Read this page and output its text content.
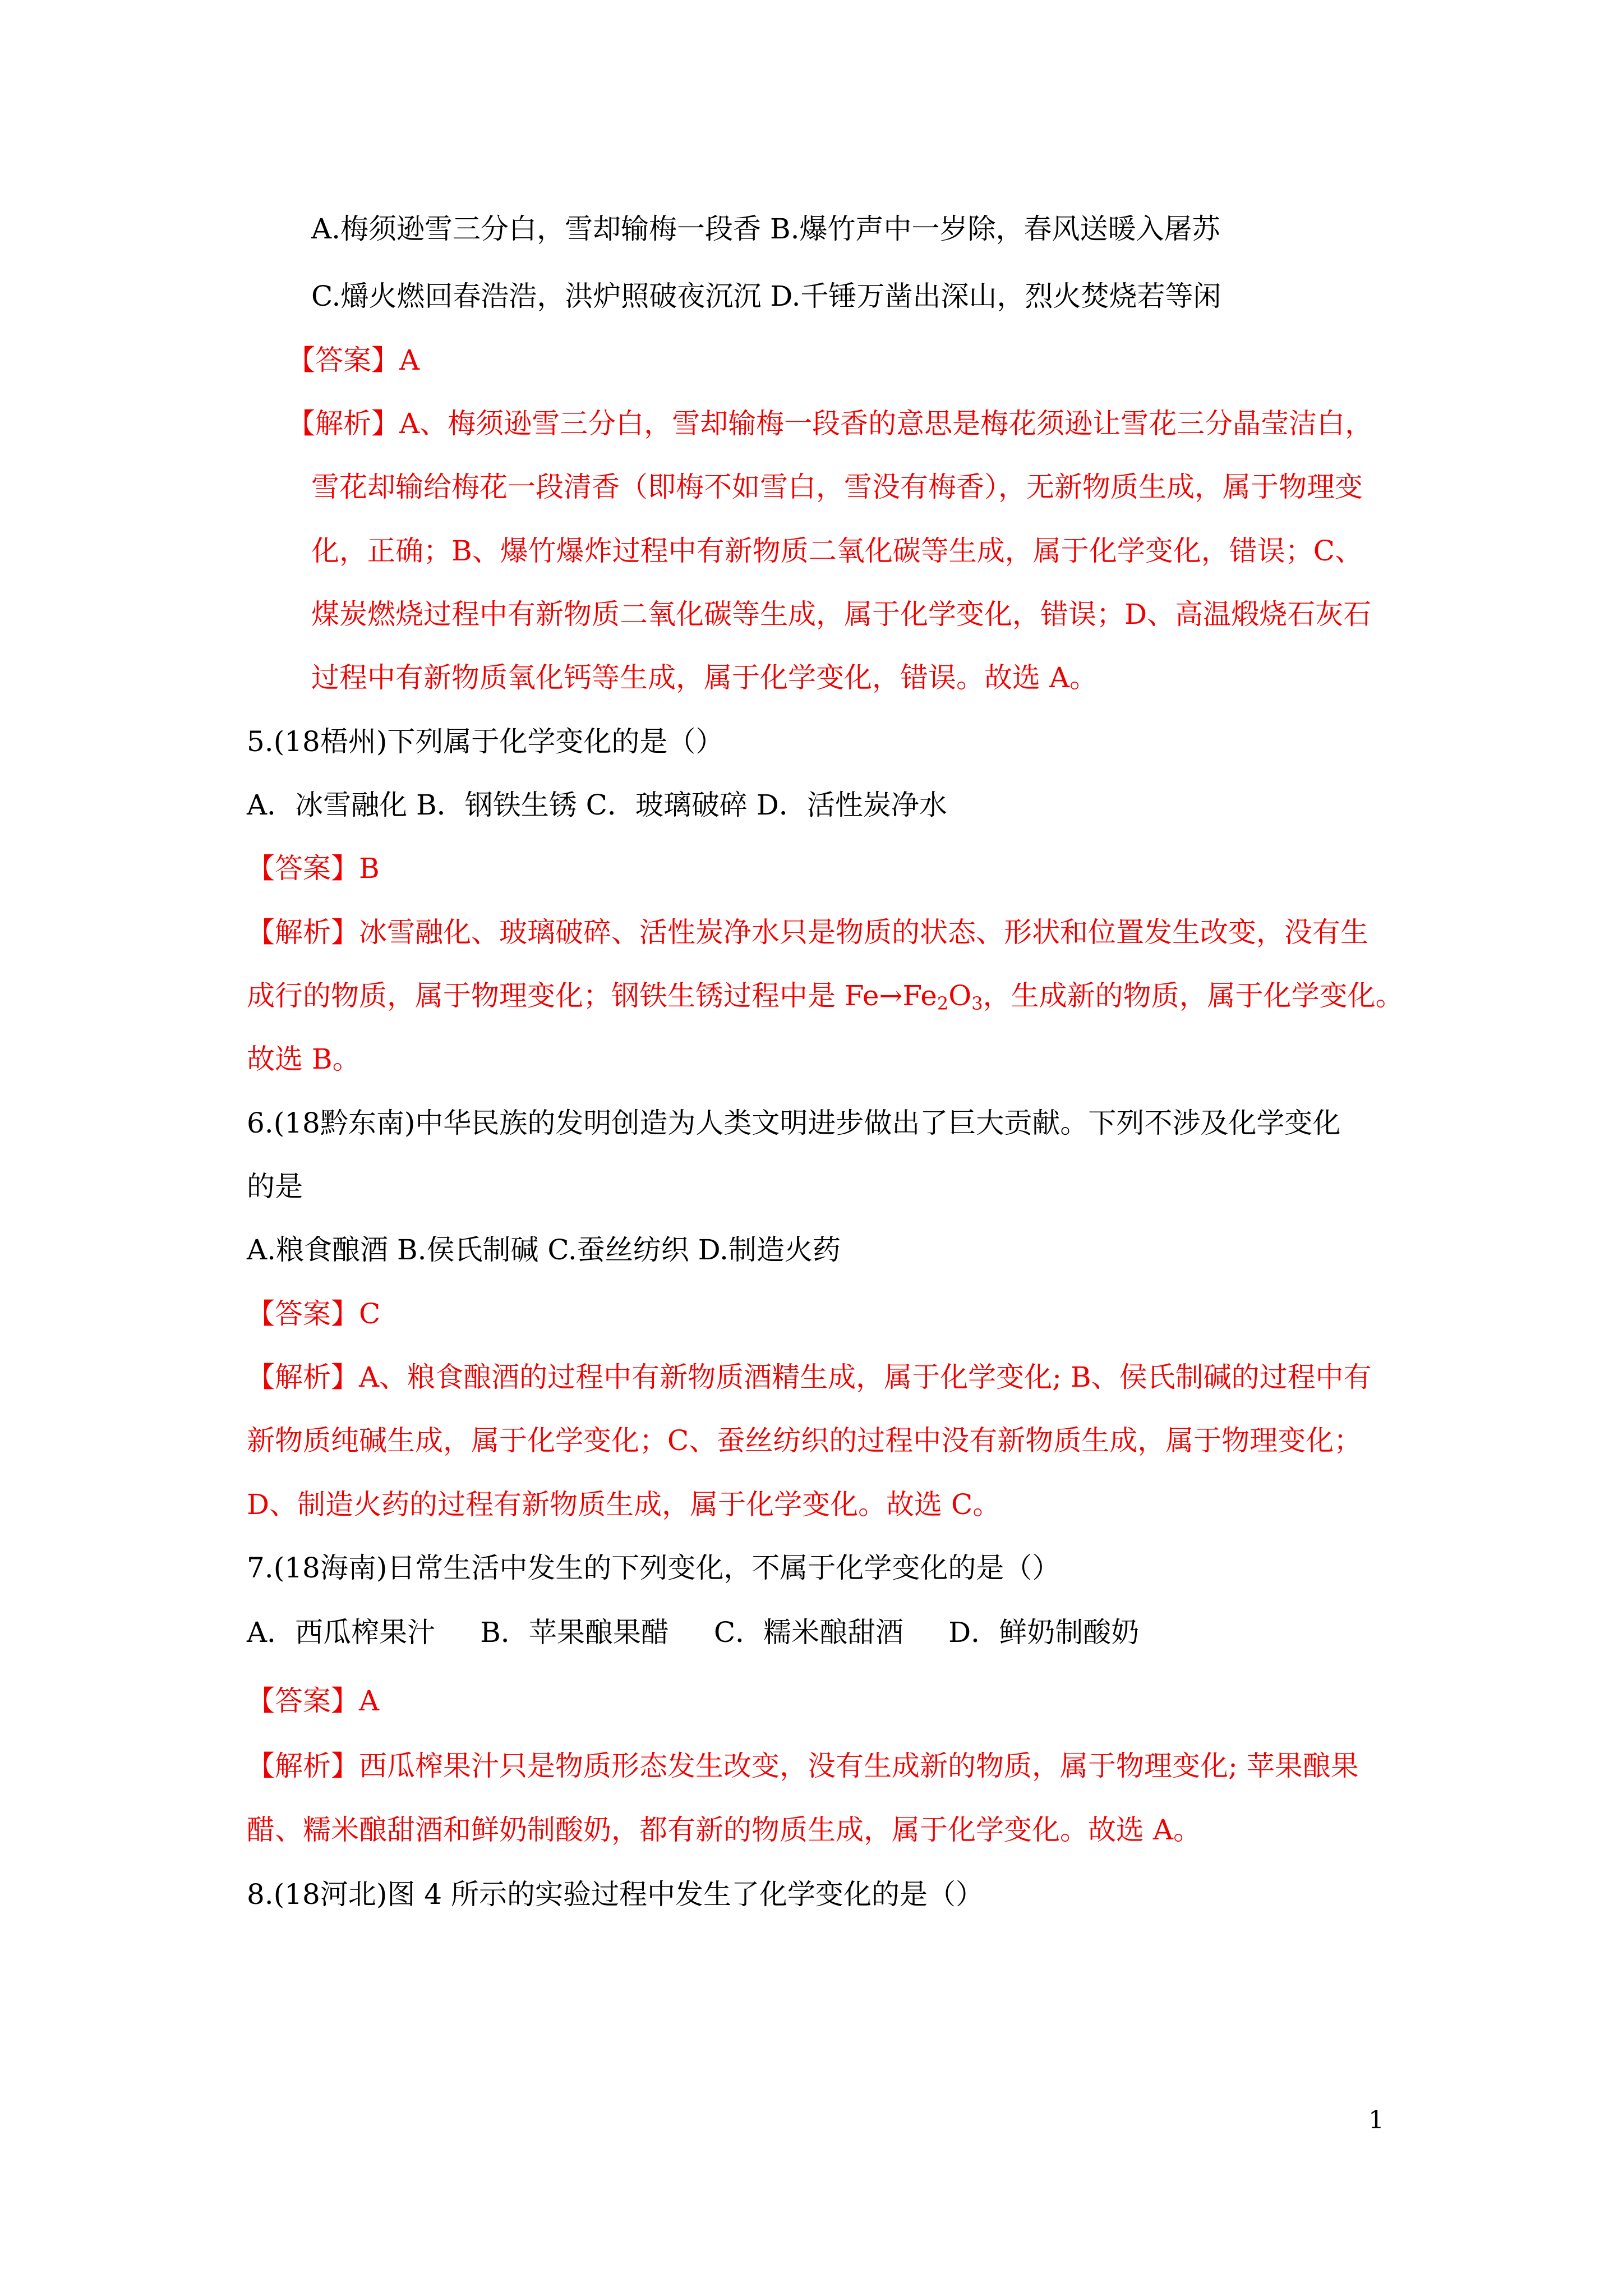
A.梅须逊雪三分白，雪却输梅一段香 B.爆竹声中一岁除，春风送暖入屠苏
C.爝火燃回春浩浩，洪炉照破夜沉沉 D.千锤万凿出深山，烈火焚烧若等闲
【答案】A
【解析】A、梅须逊雪三分白，雪却输梅一段香的意思是梅花须逊让雪花三分晶莹洁白，
雪花却输给梅花一段清香（即梅不如雪白，雪没有梅香），无新物质生成，属于物理变
化，正确；B、爆竹爆炸过程中有新物质二氧化碳等生成，属于化学变化，错误；C、
煤炭燃烧过程中有新物质二氧化碳等生成，属于化学变化，错误；D、高温煅烧石灰石
过程中有新物质氧化钙等生成，属于化学变化，错误。故选 A。
5.(18梧州)下列属于化学变化的是（）
A．冰雪融化 B．钢铁生锈 C．玻璃破碎 D．活性炭净水
【答案】B
【解析】冰雪融化、玻璃破碎、活性炭净水只是物质的状态、形状和位置发生改变，没有生
成行的物质，属于物理变化；钢铁生锈过程中是 $Fe\to Fe_2O_3$，生成新的物质，属于化学变化。
故选 B。
6.(18黔东南)中华民族的发明创造为人类文明进步做出了巨大贡献。下列不涉及化学变化
的是
A.粮食酿酒 B.侯氏制碱 C.蚕丝纺织 D.制造火药
【答案】C
【解析】A、粮食酿酒的过程中有新物质酒精生成，属于化学变化; B、侯氏制碱的过程中有
新物质纯碱生成，属于化学变化；C、蚕丝纺织的过程中没有新物质生成，属于物理变化；
D、制造火药的过程有新物质生成，属于化学变化。故选 C。
7.(18海南)日常生活中发生的下列变化，不属于化学变化的是（）
A．西瓜榨果汁 B．苹果酿果醋 C．糯米酿甜酒 D．鲜奶制酸奶
【答案】A
【解析】西瓜榨果汁只是物质形态发生改变，没有生成新的物质，属于物理变化; 苹果酿果
醋、糯米酿甜酒和鲜奶制酸奶，都有新的物质生成，属于化学变化。故选 A。
8.(18河北)图 4 所示的实验过程中发生了化学变化的是（）
1
